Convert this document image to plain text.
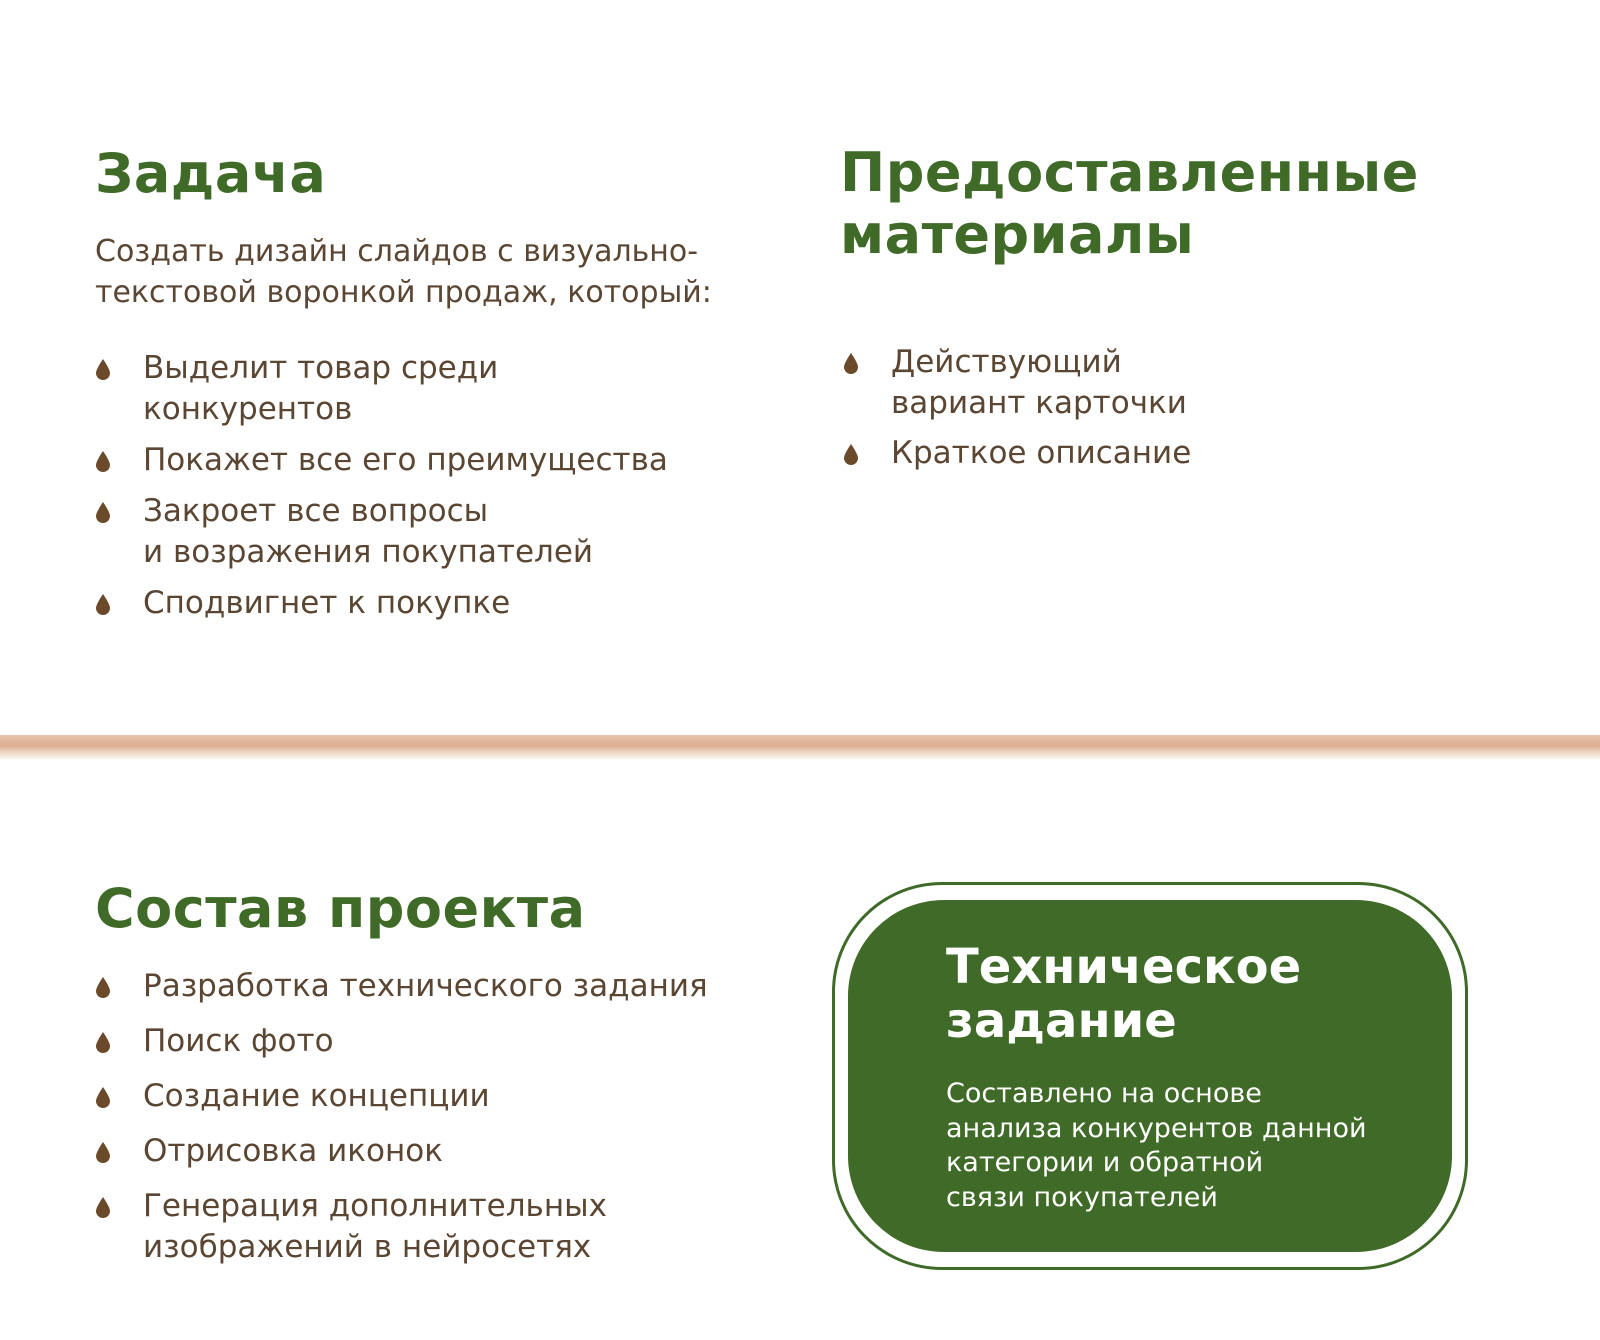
Задача

Создать дизайн слайдов с визуально-
текстовой воронкой продаж, который:

Выделит товар среди
конкурентов
Покажет все его преимущества
Закроет все вопросы
и возражения покупателей
Сподвигнет к покупке
Предоставленные
материалы
Действующий
вариант карточки
Краткое описание
Состав проекта
Разработка технического задания
Поиск фото
Создание концепции
Отрисовка иконок
Генерация дополнительных
изображений в нейросетях
Техническое
задание

Составлено на основе
анализа конкурентов данной
категории и обратной
связи покупателей
